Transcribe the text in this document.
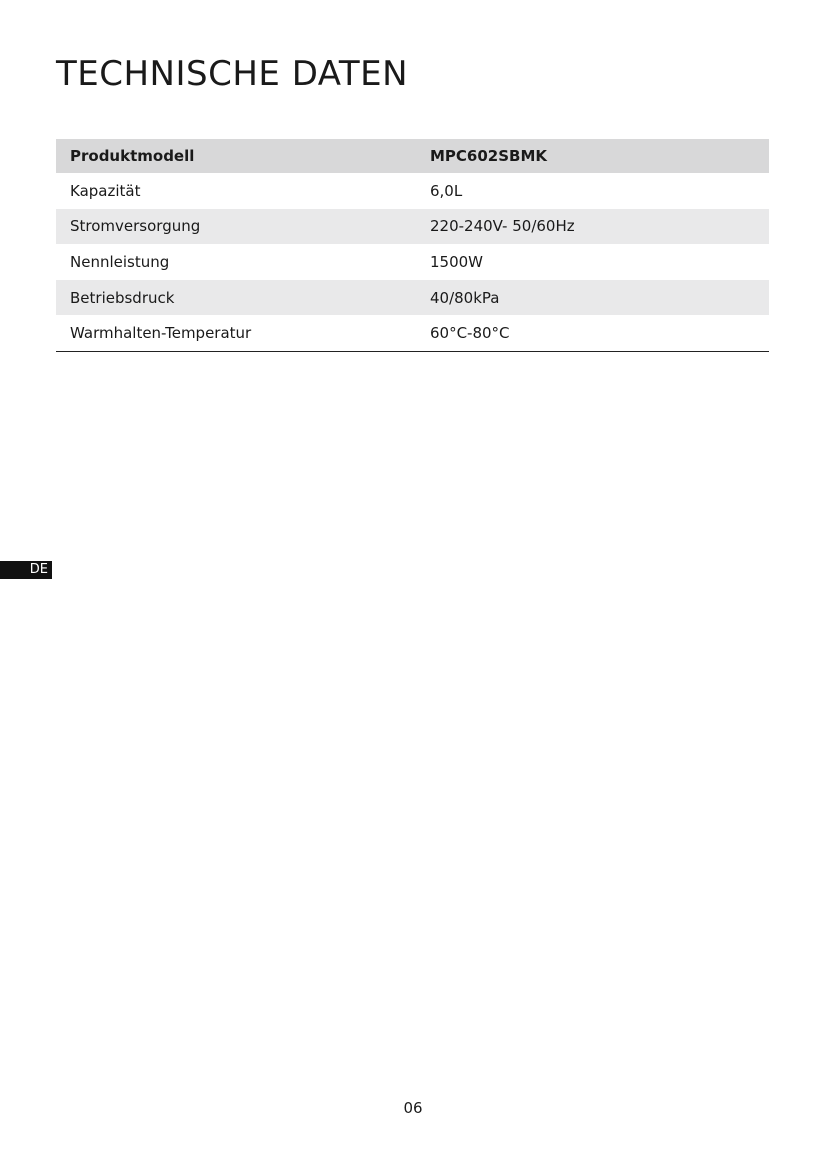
TECHNISCHE DATEN
Produktmodell	MPC602SBMK
Kapazität	6,0L
Stromversorgung	220-240V- 50/60Hz
Nennleistung	1500W
Betriebsdruck	40/80kPa
Warmhalten-Temperatur	60°C-80°C
DE
06
